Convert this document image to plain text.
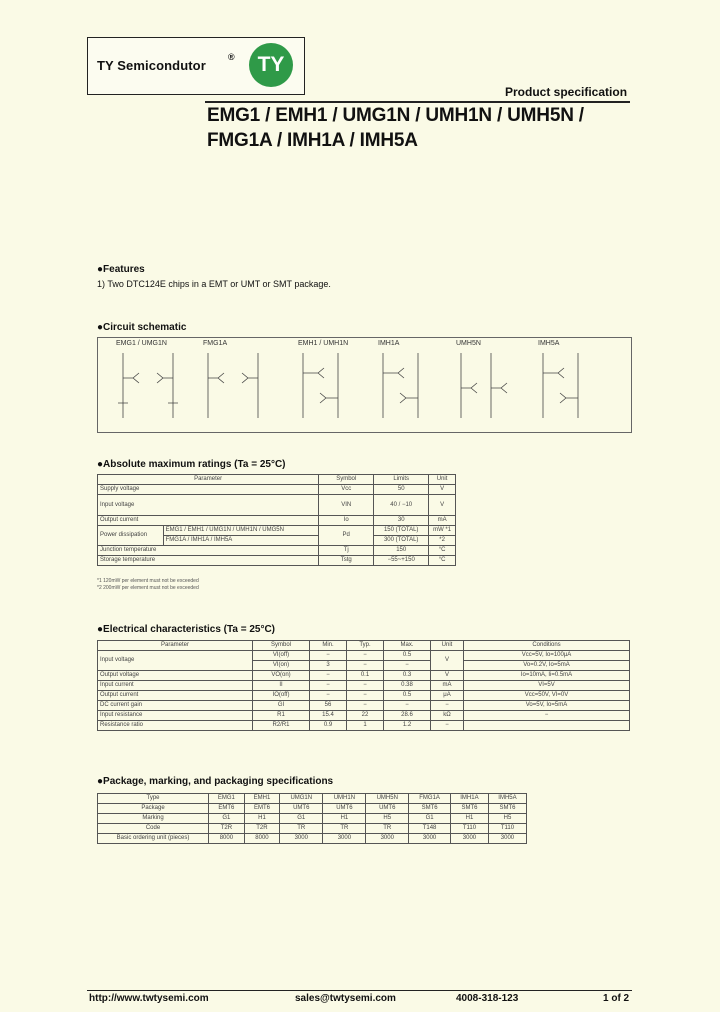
TY Semicondutor
®	TY
Product specification
EMG1 / EMH1 / UMG1N / UMH1N / UMH5N /
FMG1A / IMH1A / IMH5A
●Features
1) Two DTC124E chips in a EMT or UMT or SMT package.
●Circuit schematic
EMG1 / UMG1N	FMG1A	EMH1 / UMH1N	IMH1A	UMH5N	IMH5A
●Absolute maximum ratings (Ta = 25°C)
Parameter		Symbol	Limits	Unit
Supply voltage		Vcc	50	V
Input voltage		VIN	40 / −10	V
Output current		Io	30	mA
Power dissipation	EMG1 / EMH1 / UMG1N / UMH1N / UMG5N	Pd	150 (TOTAL)	mW *1
	FMG1A / IMH1A / IMH5A		300 (TOTAL)	*2
Junction temperature		Tj	150	°C
Storage temperature		Tstg	−55~+150	°C
*1 120mW per element must not be exceeded
*2 200mW per element must not be exceeded
●Electrical characteristics (Ta = 25°C)
Parameter	Symbol	Min.	Typ.	Max.	Unit	Conditions
Input voltage	VI(off)	−	−	0.5	V	Vcc=5V, Io=100μA
	VI(on)	3	−	−		Vo=0.2V, Io=5mA
Output voltage	VO(on)	−	0.1	0.3	V	Io=10mA, Ii=0.5mA
Input current	II	−	−	0.38	mA	VI=5V
Output current	IO(off)	−	−	0.5	μA	Vcc=50V, VI=0V
DC current gain	GI	56	−	−	−	Vo=5V, Io=5mA
Input resistance	R1	15.4	22	28.6	kΩ	−
Resistance ratio	R2/R1	0.9	1	1.2	−	
●Package, marking, and packaging specifications
Type	EMG1	EMH1	UMG1N	UMH1N	UMH5N	FMG1A	IMH1A	IMH5A
Package	EMT6	EMT6	UMT6	UMT6	UMT6	SMT6	SMT6	SMT6
Marking	G1	H1	G1	H1	H5	G1	H1	H5
Code	T2R	T2R	TR	TR	TR	T148	T110	T110
Basic ordering unit (pieces)	8000	8000	3000	3000	3000	3000	3000	3000
http://www.twtysemi.com	sales@twtysemi.com	4008-318-123	1 of 2
